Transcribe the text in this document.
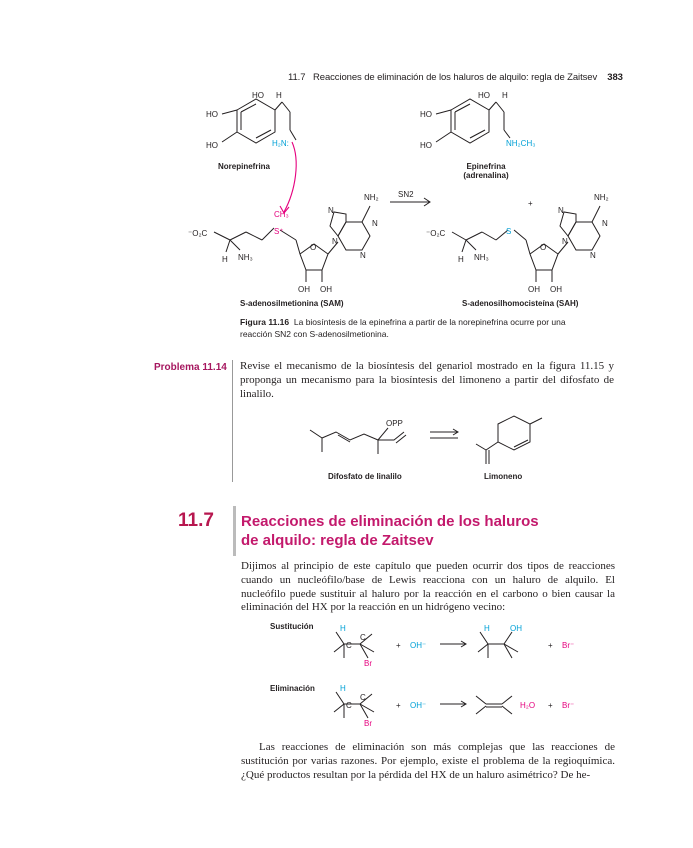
11.7 Reacciones de eliminación de los haluros de alquilo: regla de Zaitsev 383
HO H
HO
HO	H₂N:
HO H
HO
HO	NH₂CH₃
CH₃
S⁺
⁻O₂C
H NH₃
O
OH OH
NH₂
N
N
N
N
SN2
+
S
⁻O₂C
H NH₃
O
OH OH
NH₂
N
N
N
N
Norepinefrina	Epinefrina
(adrenalina)
S-adenosilmetionina (SAM)	S-adenosilhomocisteína (SAH)
Figura 11.16 La biosíntesis de la epinefrina a partir de la norepinefrina ocurre por una
reacción SN2 con S-adenosilmetionina.
Problema 11.14 Revise el mecanismo de la biosíntesis del genariol mostrado en la figura 11.15 y proponga un mecanismo para la biosíntesis del limoneno a partir del difosfato de linalilo.
OPP
Difosfato de linalilo	Limoneno
11.7 Reacciones de eliminación de los haluros
de alquilo: regla de Zaitsev
Dijimos al principio de este capítulo que pueden ocurrir dos tipos de reacciones cuando un nucleófilo/base de Lewis reacciona con un haluro de alquilo. El nucleófilo puede sustituir al haluro por la reacción en el carbono o bien causar la eliminación del HX por la reacción en un hidrógeno vecino:
Sustitución
Eliminación
H
C
C
Br
+ OH⁻
H	OH
+ Br⁻
H
C
C
Br
+ OH⁻	H₂O + Br⁻
Las reacciones de eliminación son más complejas que las reacciones de sustitución por varias razones. Por ejemplo, existe el problema de la regioquímica. ¿Qué productos resultan por la pérdida del HX de un haluro asimétrico? De he-
